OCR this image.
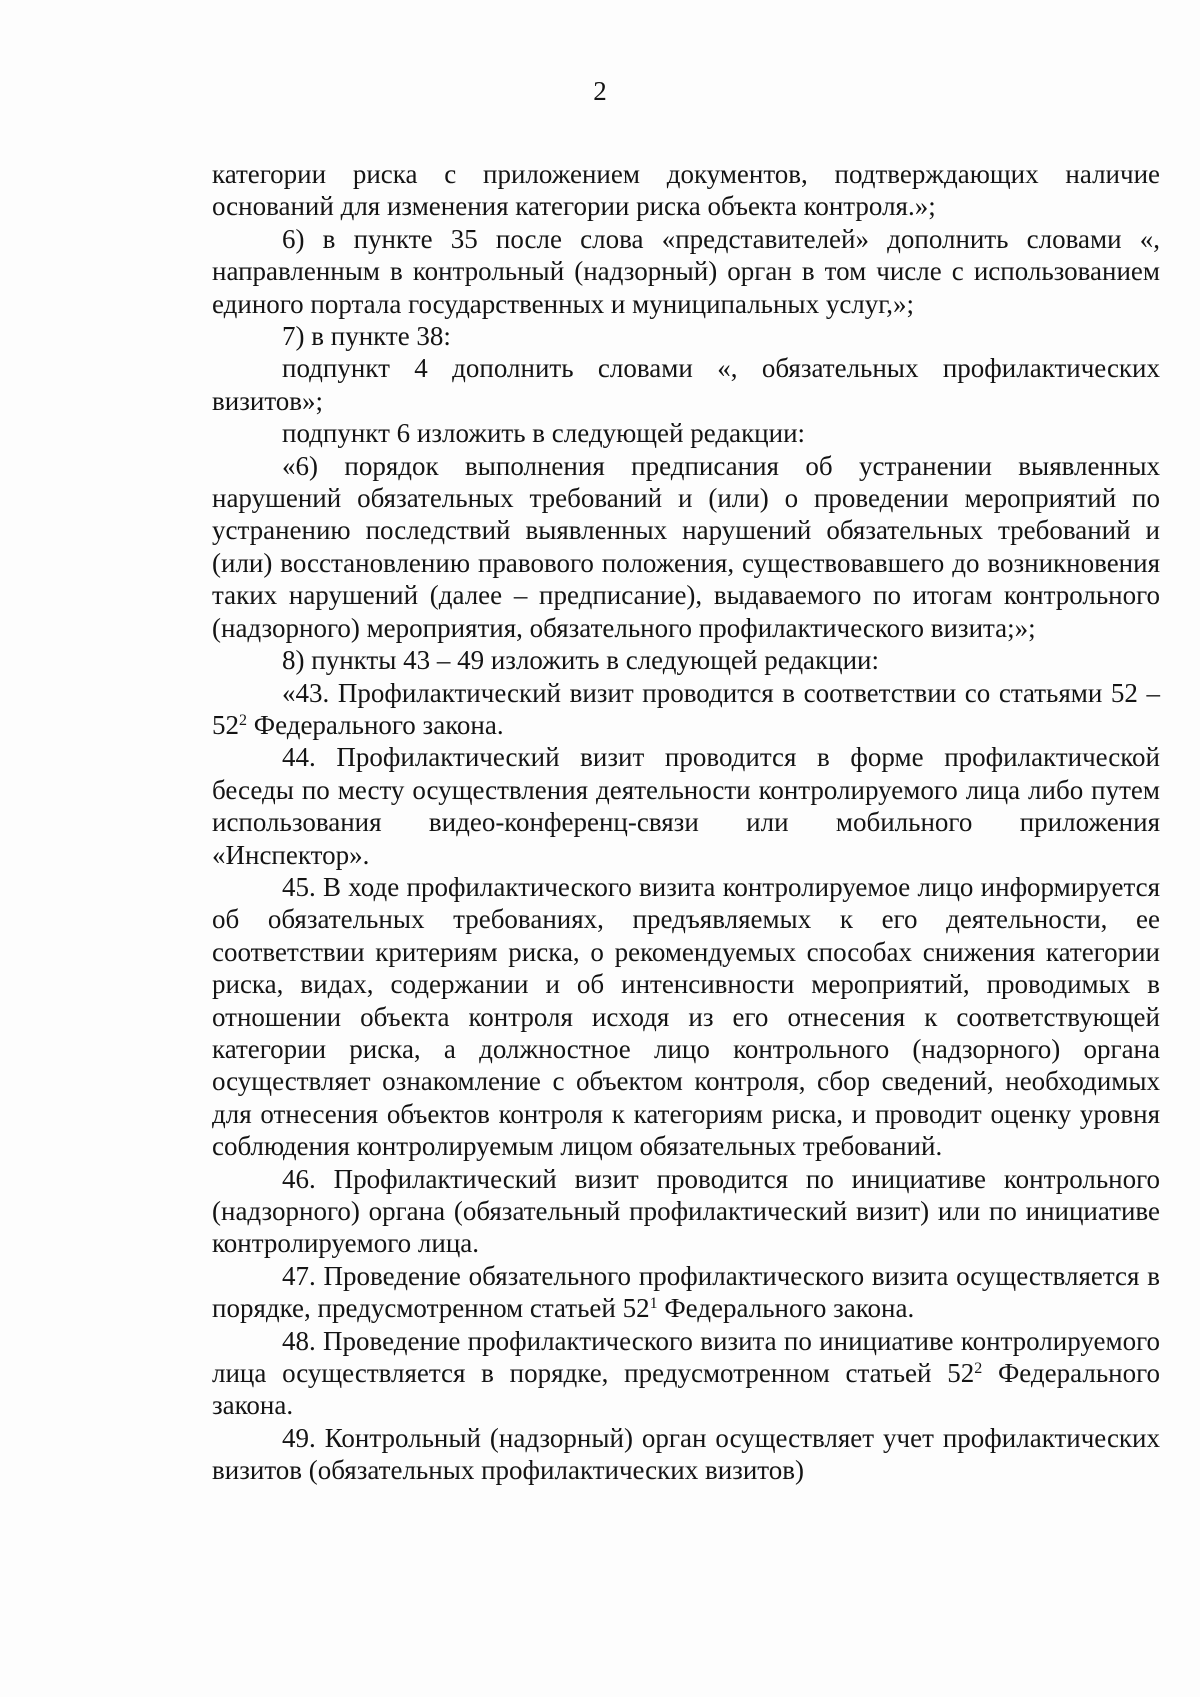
2

категории риска с приложением документов, подтверждающих наличие оснований для изменения категории риска объекта контроля.»;

6) в пункте 35 после слова «представителей» дополнить словами «, направленным в контрольный (надзорный) орган в том числе с использованием единого портала государственных и муниципальных услуг,»;

7) в пункте 38:

подпункт 4 дополнить словами «, обязательных профилактических визитов»;

подпункт 6 изложить в следующей редакции:

«6) порядок выполнения предписания об устранении выявленных нарушений обязательных требований и (или) о проведении мероприятий по устранению последствий выявленных нарушений обязательных требований и (или) восстановлению правового положения, существовавшего до возникновения таких нарушений (далее – предписание), выдаваемого по итогам контрольного (надзорного) мероприятия, обязательного профилактического визита;»;

8) пункты 43 – 49 изложить в следующей редакции:

«43. Профилактический визит проводится в соответствии со статьями $52 - 52^2$ Федерального закона.

44. Профилактический визит проводится в форме профилактической беседы по месту осуществления деятельности контролируемого лица либо путем использования видео-конференц-связи или мобильного приложения «Инспектор».

45. В ходе профилактического визита контролируемое лицо информируется об обязательных требованиях, предъявляемых к его деятельности, ее соответствии критериям риска, о рекомендуемых способах снижения категории риска, видах, содержании и об интенсивности мероприятий, проводимых в отношении объекта контроля исходя из его отнесения к соответствующей категории риска, а должностное лицо контрольного (надзорного) органа осуществляет ознакомление с объектом контроля, сбор сведений, необходимых для отнесения объектов контроля к категориям риска, и проводит оценку уровня соблюдения контролируемым лицом обязательных требований.

46. Профилактический визит проводится по инициативе контрольного (надзорного) органа (обязательный профилактический визит) или по инициативе контролируемого лица.

47. Проведение обязательного профилактического визита осуществляется в порядке, предусмотренном статьей $52^1$ Федерального закона.

48. Проведение профилактического визита по инициативе контролируемого лица осуществляется в порядке, предусмотренном статьей $52^2$ Федерального закона.

49. Контрольный (надзорный) орган осуществляет учет профилактических визитов (обязательных профилактических визитов)
